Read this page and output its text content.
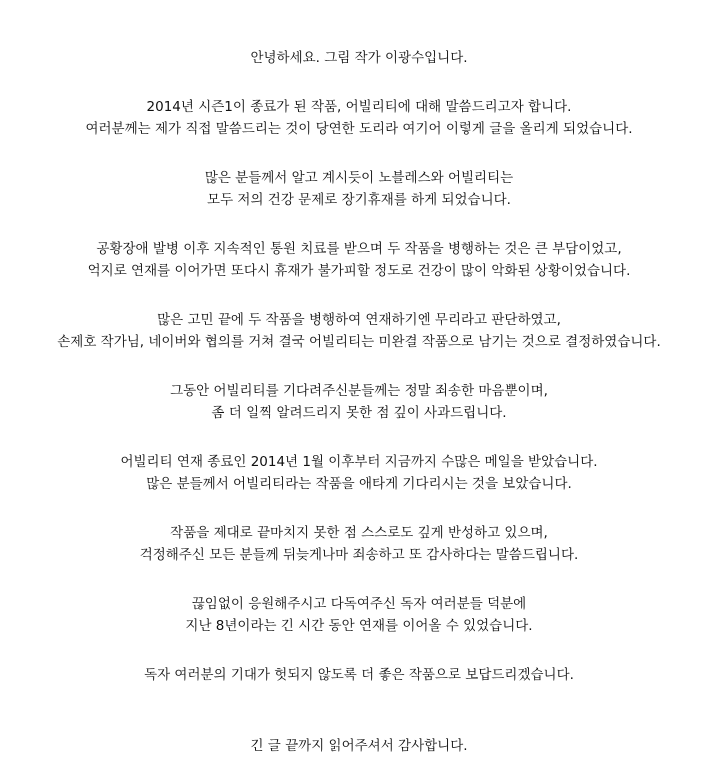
안녕하세요. 그림 작가 이광수입니다.
2014년 시즌1이 종료가 된 작품, 어빌리티에 대해 말씀드리고자 합니다.
여러분께는 제가 직접 말씀드리는 것이 당연한 도리라 여기어 이렇게 글을 올리게 되었습니다.
많은 분들께서 알고 계시듯이 노블레스와 어빌리티는
모두 저의 건강 문제로 장기휴재를 하게 되었습니다.
공황장애 발병 이후 지속적인 통원 치료를 받으며 두 작품을 병행하는 것은 큰 부담이었고,
억지로 연재를 이어가면 또다시 휴재가 불가피할 정도로 건강이 많이 악화된 상황이었습니다.
많은 고민 끝에 두 작품을 병행하여 연재하기엔 무리라고 판단하였고,
손제호 작가님, 네이버와 협의를 거쳐 결국 어빌리티는 미완결 작품으로 남기는 것으로 결정하였습니다.
그동안 어빌리티를 기다려주신분들께는 정말 죄송한 마음뿐이며,
좀 더 일찍 알려드리지 못한 점 깊이 사과드립니다.
어빌리티 연재 종료인 2014년 1월 이후부터 지금까지 수많은 메일을 받았습니다.
많은 분들께서 어빌리티라는 작품을 애타게 기다리시는 것을 보았습니다.
작품을 제대로 끝마치지 못한 점 스스로도 깊게 반성하고 있으며,
걱정해주신 모든 분들께 뒤늦게나마 죄송하고 또 감사하다는 말씀드립니다.
끊임없이 응원해주시고 다독여주신 독자 여러분들 덕분에
지난 8년이라는 긴 시간 동안 연재를 이어올 수 있었습니다.
독자 여러분의 기대가 헛되지 않도록 더 좋은 작품으로 보답드리겠습니다.
긴 글 끝까지 읽어주셔서 감사합니다.
